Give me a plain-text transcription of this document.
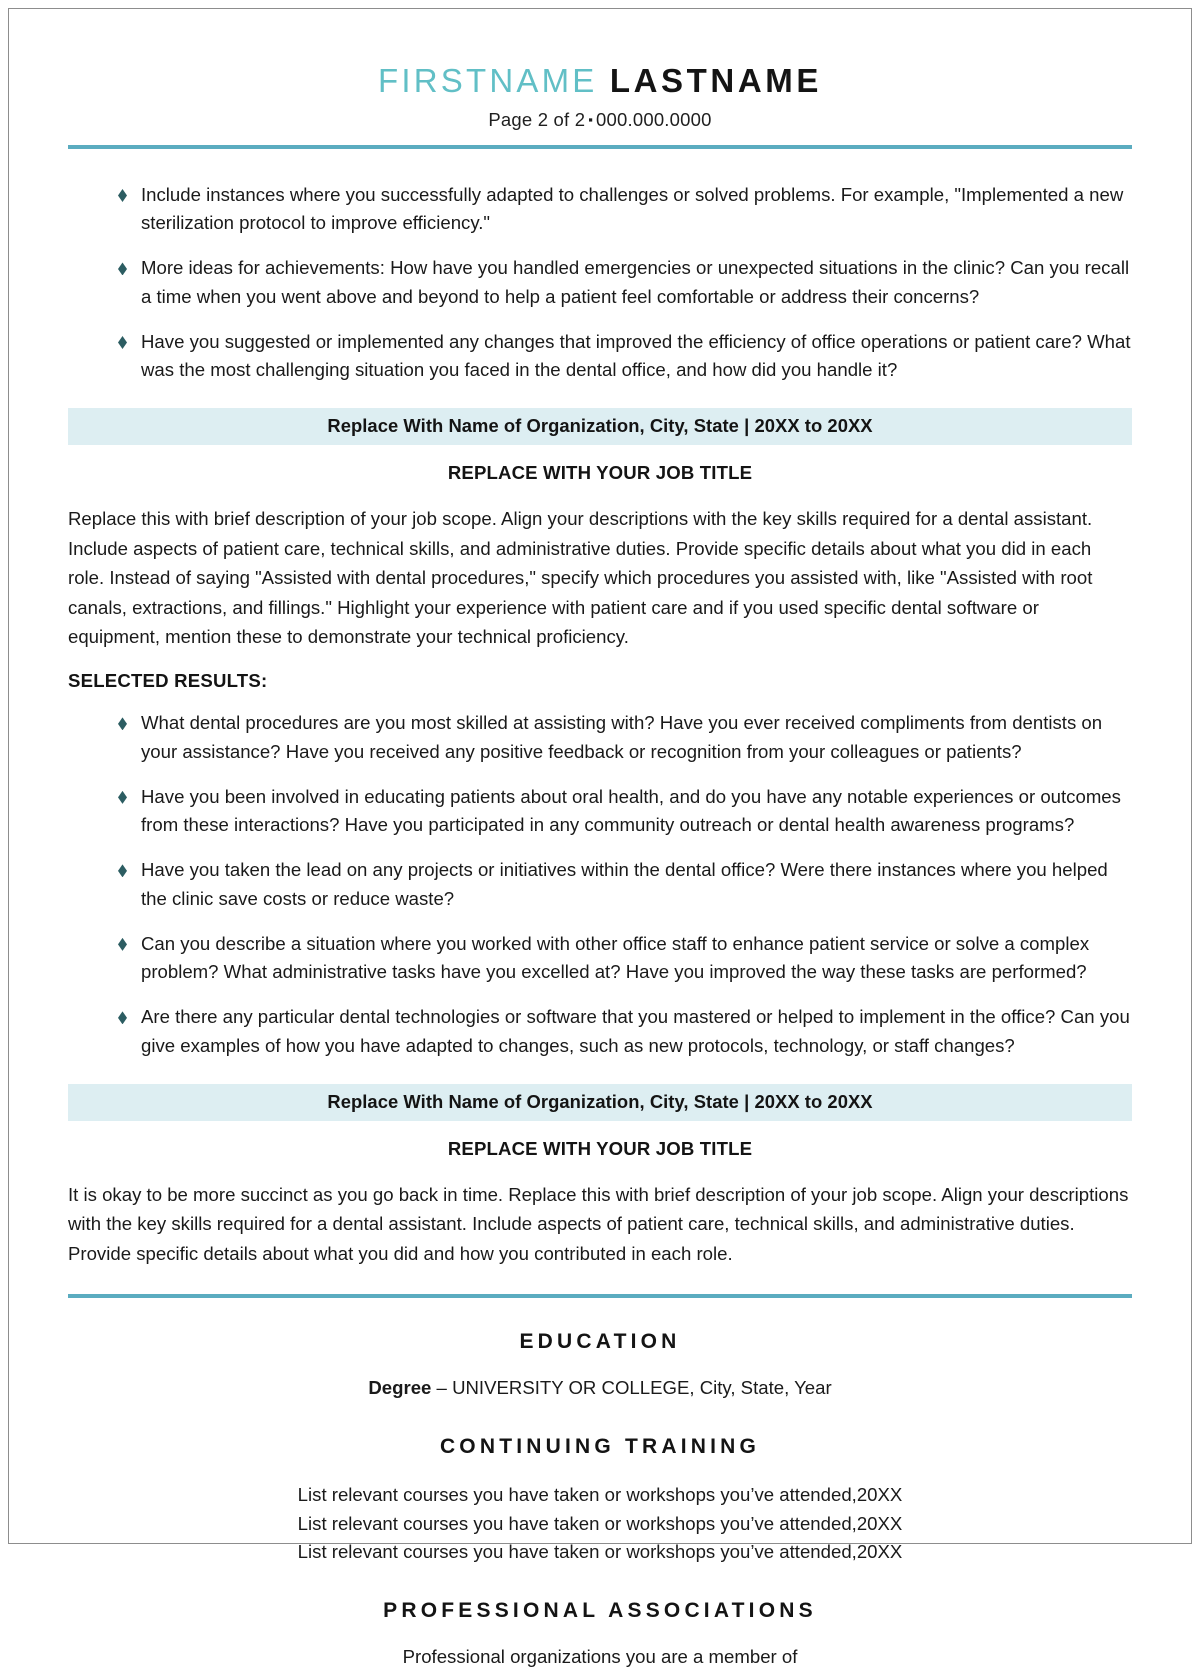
FIRSTNAME LASTNAME
Page 2 of 2 ▪ 000.000.0000
Include instances where you successfully adapted to challenges or solved problems. For example, "Implemented a new sterilization protocol to improve efficiency."
More ideas for achievements: How have you handled emergencies or unexpected situations in the clinic? Can you recall a time when you went above and beyond to help a patient feel comfortable or address their concerns?
Have you suggested or implemented any changes that improved the efficiency of office operations or patient care? What was the most challenging situation you faced in the dental office, and how did you handle it?
Replace With Name of Organization, City, State | 20XX to 20XX
REPLACE WITH YOUR JOB TITLE
Replace this with brief description of your job scope. Align your descriptions with the key skills required for a dental assistant. Include aspects of patient care, technical skills, and administrative duties. Provide specific details about what you did in each role. Instead of saying "Assisted with dental procedures," specify which procedures you assisted with, like "Assisted with root canals, extractions, and fillings." Highlight your experience with patient care and if you used specific dental software or equipment, mention these to demonstrate your technical proficiency.
SELECTED RESULTS:
What dental procedures are you most skilled at assisting with? Have you ever received compliments from dentists on your assistance? Have you received any positive feedback or recognition from your colleagues or patients?
Have you been involved in educating patients about oral health, and do you have any notable experiences or outcomes from these interactions? Have you participated in any community outreach or dental health awareness programs?
Have you taken the lead on any projects or initiatives within the dental office? Were there instances where you helped the clinic save costs or reduce waste?
Can you describe a situation where you worked with other office staff to enhance patient service or solve a complex problem? What administrative tasks have you excelled at? Have you improved the way these tasks are performed?
Are there any particular dental technologies or software that you mastered or helped to implement in the office? Can you give examples of how you have adapted to changes, such as new protocols, technology, or staff changes?
Replace With Name of Organization, City, State | 20XX to 20XX
REPLACE WITH YOUR JOB TITLE
It is okay to be more succinct as you go back in time. Replace this with brief description of your job scope. Align your descriptions with the key skills required for a dental assistant. Include aspects of patient care, technical skills, and administrative duties. Provide specific details about what you did and how you contributed in each role.
EDUCATION
Degree – UNIVERSITY OR COLLEGE, City, State, Year
CONTINUING TRAINING
List relevant courses you have taken or workshops you’ve attended,20XX
List relevant courses you have taken or workshops you’ve attended,20XX
List relevant courses you have taken or workshops you’ve attended,20XX
PROFESSIONAL ASSOCIATIONS
Professional organizations you are a member of
